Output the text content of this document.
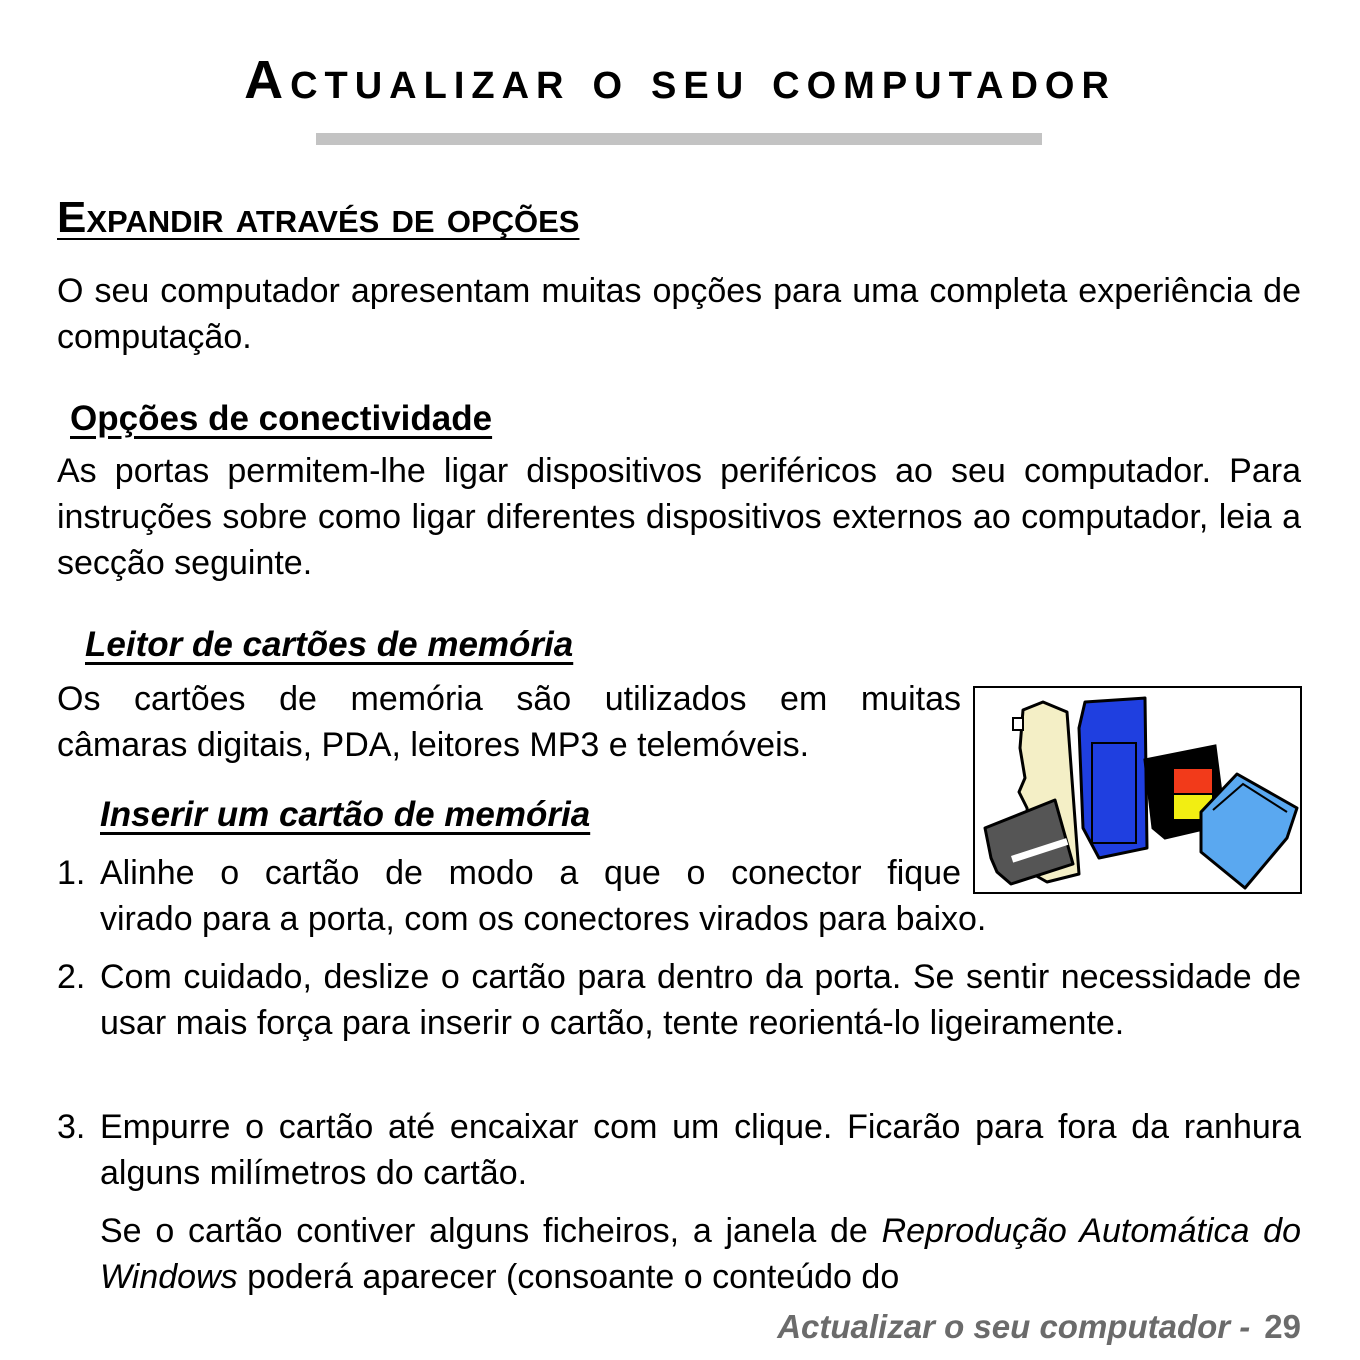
Actualizar o seu computador
Expandir através de opções

O seu computador apresentam muitas opções para uma completa experiência de computação.

Opções de conectividade

As portas permitem-lhe ligar dispositivos periféricos ao seu computador. Para instruções sobre como ligar diferentes dispositivos externos ao computador, leia a secção seguinte.

Leitor de cartões de memória

Os cartões de memória são utilizados em muitas

câmaras digitais, PDA, leitores MP3 e telemóveis.

Inserir um cartão de memória
1. Alinhe o cartão de modo a que o conector fique

virado para a porta, com os conectores virados para baixo.

2. Com cuidado, deslize o cartão para dentro da porta. Se sentir necessidade de usar mais força para inserir o cartão, tente reorientá-lo ligeiramente.

3. Empurre o cartão até encaixar com um clique. Ficarão para fora da ranhura alguns milímetros do cartão.

Se o cartão contiver alguns ficheiros, a janela de Reprodução Automática do Windows poderá aparecer (consoante o conteúdo do

Actualizar o seu computador - 29
